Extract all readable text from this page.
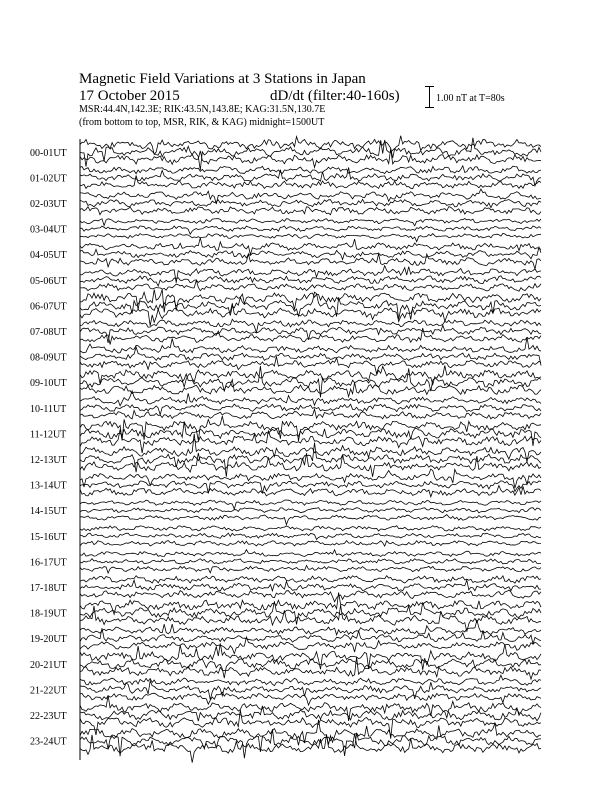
Magnetic Field Variations at 3 Stations in Japan
17 October 2015	dD/dt (filter:40-160s)
MSR:44.4N,142.3E; RIK:43.5N,143.8E; KAG:31.5N,130.7E
(from bottom to top, MSR, RIK, & KAG) midnight=1500UT
1.00 nT at T=80s
00-01UT
01-02UT
02-03UT
03-04UT
04-05UT
05-06UT
06-07UT
07-08UT
08-09UT
09-10UT
10-11UT
11-12UT
12-13UT
13-14UT
14-15UT
15-16UT
16-17UT
17-18UT
18-19UT
19-20UT
20-21UT
21-22UT
22-23UT
23-24UT
